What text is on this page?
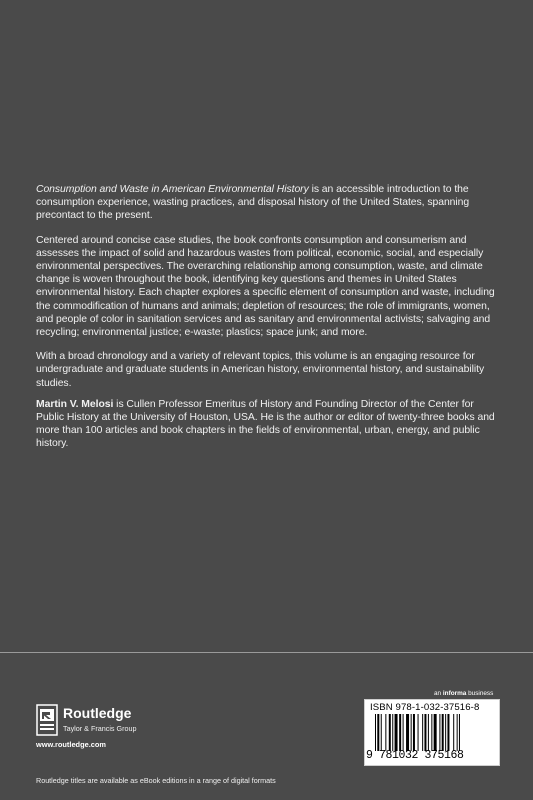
Consumption and Waste in American Environmental History is an accessible introduction to the consumption experience, wasting practices, and disposal history of the United States, spanning precontact to the present.

Centered around concise case studies, the book confronts consumption and consumerism and assesses the impact of solid and hazardous wastes from political, economic, social, and especially environmental perspectives. The overarching relationship among consumption, waste, and climate change is woven throughout the book, identifying key questions and themes in United States environmental history. Each chapter explores a specific element of consumption and waste, including the commodification of humans and animals; depletion of resources; the role of immigrants, women, and people of color in sanitation services and as sanitary and environmental activists; salvaging and recycling; environmental justice; e-waste; plastics; space junk; and more.

With a broad chronology and a variety of relevant topics, this volume is an engaging resource for undergraduate and graduate students in American history, environmental history, and sustainability studies.

Martin V. Melosi is Cullen Professor Emeritus of History and Founding Director of the Center for Public History at the University of Houston, USA. He is the author or editor of twenty-three books and more than 100 articles and book chapters in the fields of environmental, urban, energy, and public history.

Routledge
Taylor & Francis Group
www.routledge.com
an informa business
ISBN 978-1-032-37516-8
9 781032 375168
Routledge titles are available as eBook editions in a range of digital formats
